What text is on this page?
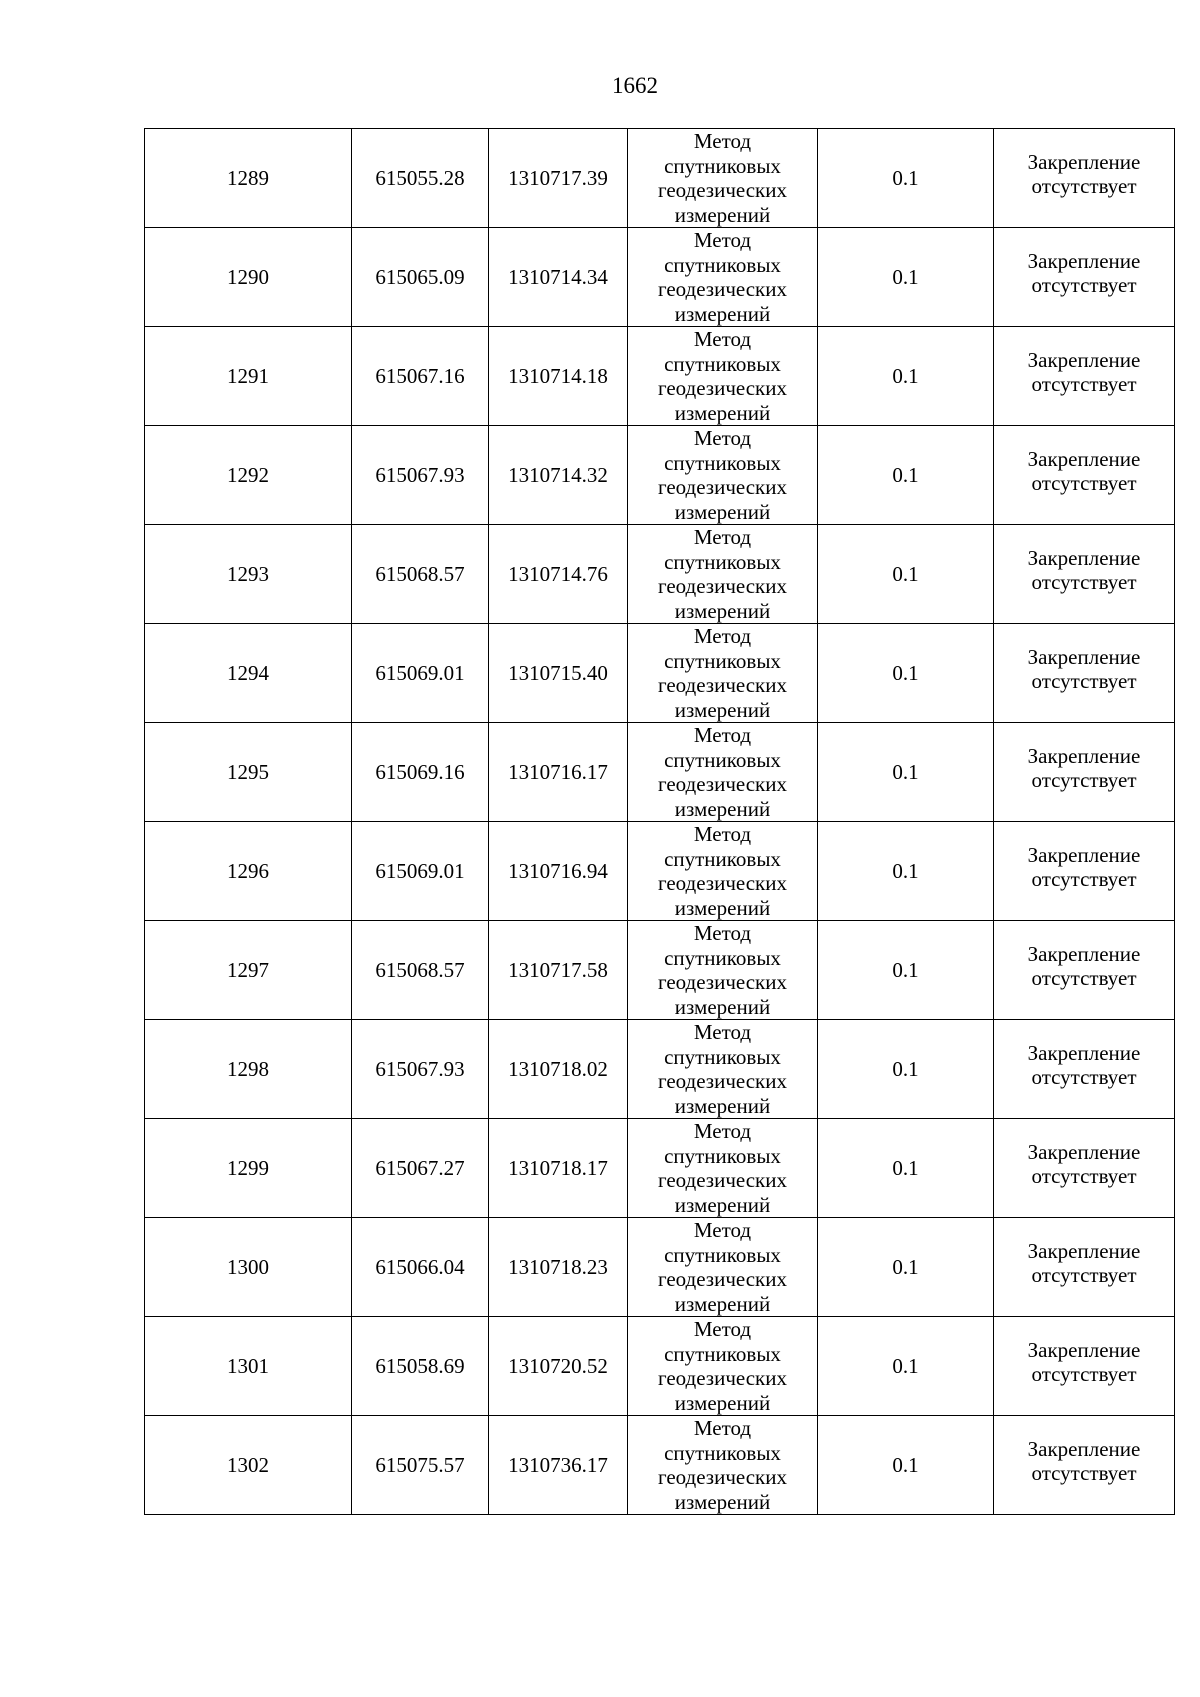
1662
1289	615055.28	1310717.39	Метод
спутниковых
геодезических
измерений	0.1	Закрепление
отсутствует

1290	615065.09	1310714.34	Метод
спутниковых
геодезических
измерений	0.1	Закрепление
отсутствует

1291	615067.16	1310714.18	Метод
спутниковых
геодезических
измерений	0.1	Закрепление
отсутствует

1292	615067.93	1310714.32	Метод
спутниковых
геодезических
измерений	0.1	Закрепление
отсутствует

1293	615068.57	1310714.76	Метод
спутниковых
геодезических
измерений	0.1	Закрепление
отсутствует

1294	615069.01	1310715.40	Метод
спутниковых
геодезических
измерений	0.1	Закрепление
отсутствует

1295	615069.16	1310716.17	Метод
спутниковых
геодезических
измерений	0.1	Закрепление
отсутствует

1296	615069.01	1310716.94	Метод
спутниковых
геодезических
измерений	0.1	Закрепление
отсутствует

1297	615068.57	1310717.58	Метод
спутниковых
геодезических
измерений	0.1	Закрепление
отсутствует

1298	615067.93	1310718.02	Метод
спутниковых
геодезических
измерений	0.1	Закрепление
отсутствует

1299	615067.27	1310718.17	Метод
спутниковых
геодезических
измерений	0.1	Закрепление
отсутствует

1300	615066.04	1310718.23	Метод
спутниковых
геодезических
измерений	0.1	Закрепление
отсутствует

1301	615058.69	1310720.52	Метод
спутниковых
геодезических
измерений	0.1	Закрепление
отсутствует

1302	615075.57	1310736.17	Метод
спутниковых
геодезических
измерений	0.1	Закрепление
отсутствует
